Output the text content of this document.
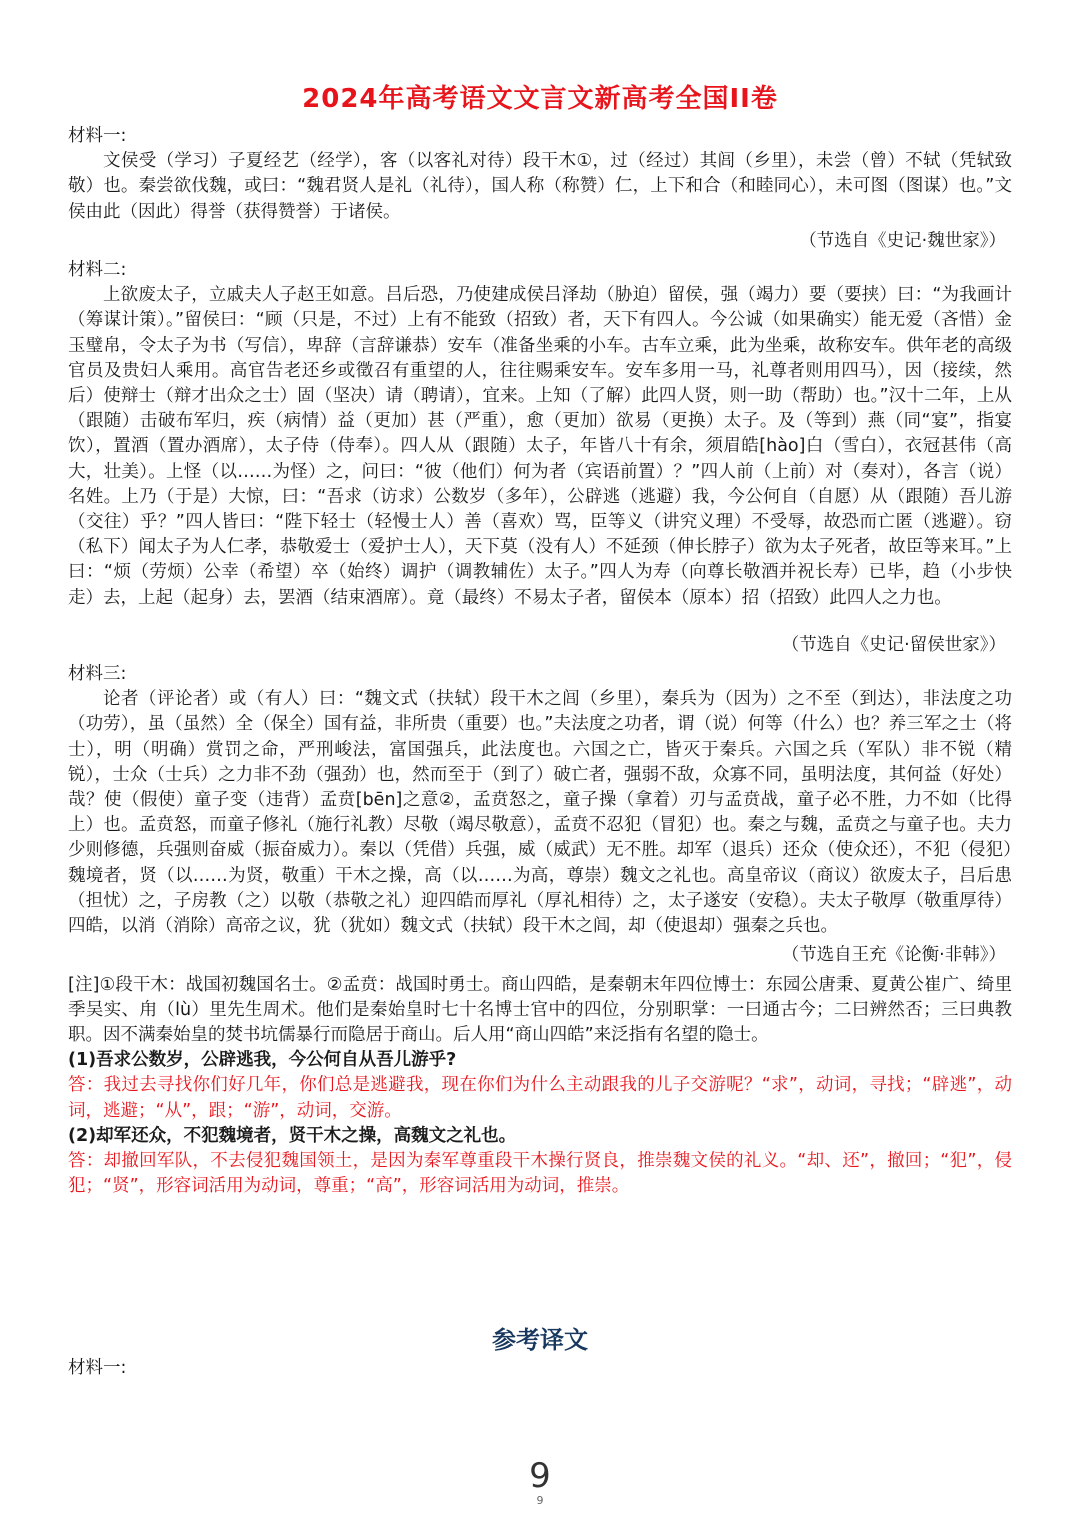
2024年高考语文文言文新高考全国II卷
材料一:

文侯受（学习）子夏经艺（经学），客（以客礼对待）段干木①，过（经过）其闾（乡里），未尝（曾）不轼（凭轼致敬）也。秦尝欲伐魏，或曰：“魏君贤人是礼（礼待），国人称（称赞）仁，上下和合（和睦同心），未可图（图谋）也。”文侯由此（因此）得誉（获得赞誉）于诸侯。

（节选自《史记·魏世家》）
材料二:

上欲废太子，立戚夫人子赵王如意。吕后恐，乃使建成侯吕泽劫（胁迫）留侯，强（竭力）要（要挟）曰：“为我画计（筹谋计策）。”留侯曰：“顾（只是，不过）上有不能致（招致）者，天下有四人。今公诚（如果确实）能无爱（吝惜）金玉璧帛，令太子为书（写信），卑辞（言辞谦恭）安车（准备坐乘的小车。古车立乘，此为坐乘，故称安车。供年老的高级官员及贵妇人乘用。高官告老还乡或徵召有重望的人，往往赐乘安车。安车多用一马，礼尊者则用四马），因（接续，然后）使辩士（辩才出众之士）固（坚决）请（聘请），宜来。上知（了解）此四人贤，则一助（帮助）也。”汉十二年，上从（跟随）击破布军归，疾（病情）益（更加）甚（严重），愈（更加）欲易（更换）太子。及（等到）燕（同“宴”，指宴饮），置酒（置办酒席），太子侍（侍奉）。四人从（跟随）太子，年皆八十有余，须眉皓[hào]白（雪白），衣冠甚伟（高大，壮美）。上怪（以……为怪）之，问曰：“彼（他们）何为者（宾语前置）？”四人前（上前）对（奏对），各言（说）名姓。上乃（于是）大惊，曰：“吾求（访求）公数岁（多年），公辟逃（逃避）我，今公何自（自愿）从（跟随）吾儿游（交往）乎？”四人皆曰：“陛下轻士（轻慢士人）善（喜欢）骂，臣等义（讲究义理）不受辱，故恐而亡匿（逃避）。窃（私下）闻太子为人仁孝，恭敬爱士（爱护士人），天下莫（没有人）不延颈（伸长脖子）欲为太子死者，故臣等来耳。”上曰：“烦（劳烦）公幸（希望）卒（始终）调护（调教辅佐）太子。”四人为寿（向尊长敬酒并祝长寿）已毕，趋（小步快走）去，上起（起身）去，罢酒（结束酒席）。竟（最终）不易太子者，留侯本（原本）招（招致）此四人之力也。

（节选自《史记·留侯世家》）
材料三:

论者（评论者）或（有人）曰：“魏文式（扶轼）段干木之闾（乡里），秦兵为（因为）之不至（到达），非法度之功（功劳），虽（虽然）全（保全）国有益，非所贵（重要）也。”夫法度之功者，谓（说）何等（什么）也？养三军之士（将士），明（明确）赏罚之命，严刑峻法，富国强兵，此法度也。六国之亡，皆灭于秦兵。六国之兵（军队）非不锐（精锐），士众（士兵）之力非不劲（强劲）也，然而至于（到了）破亡者，强弱不敌，众寡不同，虽明法度，其何益（好处）哉？使（假使）童子变（违背）孟贲[bēn]之意②，孟贲怒之，童子操（拿着）刃与孟贲战，童子必不胜，力不如（比得上）也。孟贲怒，而童子修礼（施行礼教）尽敬（竭尽敬意），孟贲不忍犯（冒犯）也。秦之与魏，孟贲之与童子也。夫力少则修德，兵强则奋威（振奋威力）。秦以（凭借）兵强，威（威武）无不胜。却军（退兵）还众（使众还），不犯（侵犯）魏境者，贤（以……为贤，敬重）干木之操，高（以……为高，尊崇）魏文之礼也。高皇帝议（商议）欲废太子，吕后患（担忧）之，子房教（之）以敬（恭敬之礼）迎四皓而厚礼（厚礼相待）之，太子遂安（安稳）。夫太子敬厚（敬重厚待）四皓，以消（消除）高帝之议，犹（犹如）魏文式（扶轼）段干木之闾，却（使退却）强秦之兵也。

（节选自王充《论衡·非韩》）

[注]①段干木：战国初魏国名士。②孟贲：战国时勇士。商山四皓，是秦朝末年四位博士：东园公唐秉、夏黄公崔广、绮里季吴实、甪（lù）里先生周术。他们是秦始皇时七十名博士官中的四位，分别职掌：一曰通古今；二曰辨然否；三曰典教职。因不满秦始皇的焚书坑儒暴行而隐居于商山。后人用“商山四皓”来泛指有名望的隐士。

(1)吾求公数岁，公辟逃我，今公何自从吾儿游乎?

答：我过去寻找你们好几年，你们总是逃避我，现在你们为什么主动跟我的儿子交游呢？“求”，动词，寻找；“辟逃”，动词，逃避；“从”，跟；“游”，动词，交游。

(2)却军还众，不犯魏境者，贤干木之操，高魏文之礼也。

答：却撤回军队，不去侵犯魏国领土，是因为秦军尊重段干木操行贤良，推崇魏文侯的礼义。“却、还”，撤回；“犯”，侵犯；“贤”，形容词活用为动词，尊重；“高”，形容词活用为动词，推崇。

参考译文
材料一:
9
9
